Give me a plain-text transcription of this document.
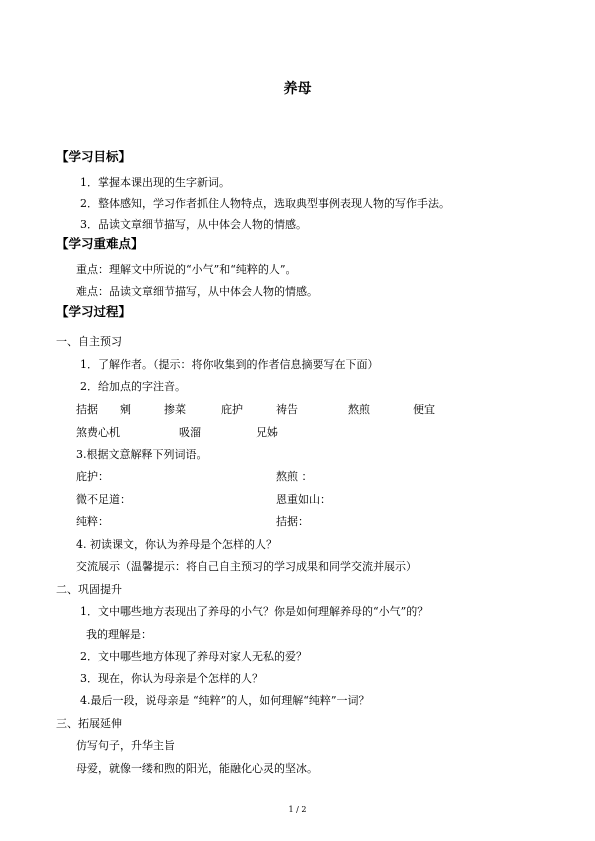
养母
【学习目标】
1．掌握本课出现的生字新词。
2．整体感知，学习作者抓住人物特点，选取典型事例表现人物的写作手法。
3．品读文章细节描写，从中体会人物的情感。
【学习重难点】
重点：理解文中所说的“小气”和“纯粹的人”。
难点：品读文章细节描写，从中体会人物的情感。
【学习过程】
一、自主预习
1．了解作者。（提示：将你收集到的作者信息摘要写在下面）
2．给加点的字注音。
拮据 剜	掺菜	庇护	祷告	熬煎	便宜
煞费心机	吸溜	兄姊
3.根据文意解释下列词语。
庇护：	熬煎 ：
微不足道：	恩重如山：
纯粹：	拮据：
4. 初读课文，你认为养母是个怎样的人？
交流展示（温馨提示：将自己自主预习的学习成果和同学交流并展示）
二、巩固提升
1．文中哪些地方表现出了养母的小气？你是如何理解养母的“小气”的？
我的理解是：
2．文中哪些地方体现了养母对家人无私的爱？
3．现在，你认为母亲是个怎样的人？
4.最后一段，说母亲是 “纯粹”的人，如何理解“纯粹”一词？
三、拓展延伸
仿写句子，升华主旨
母爱，就像一缕和煦的阳光，能融化心灵的坚冰。
1 / 2
